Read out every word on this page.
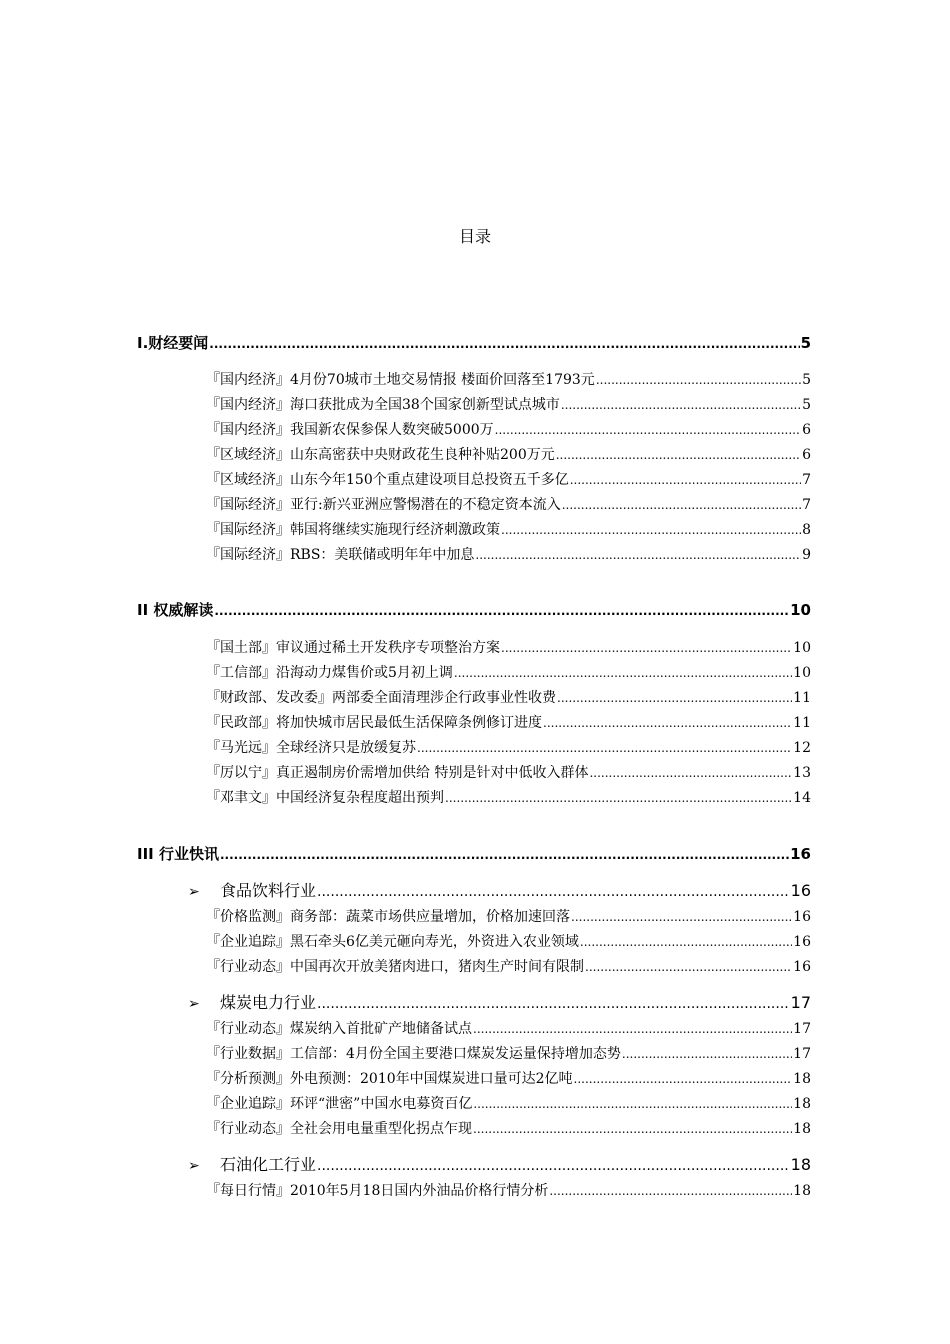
目录
I.财经要闻 .....	5
『国内经济』4月份70城市土地交易情报 楼面价回落至1793元 .....	5
『国内经济』海口获批成为全国38个国家创新型试点城市 .....	5
『国内经济』我国新农保参保人数突破5000万 .....	6
『区域经济』山东高密获中央财政花生良种补贴200万元 .....	6
『区域经济』山东今年150个重点建设项目总投资五千多亿 .....	7
『国际经济』亚行:新兴亚洲应警惕潜在的不稳定资本流入 .....	7
『国际经济』韩国将继续实施现行经济刺激政策 .....	8
『国际经济』RBS：美联储或明年年中加息 .....	9
II 权威解读 .....	10
『国土部』审议通过稀土开发秩序专项整治方案 .....	10
『工信部』沿海动力煤售价或5月初上调 .....	10
『财政部、发改委』两部委全面清理涉企行政事业性收费 .....	11
『民政部』将加快城市居民最低生活保障条例修订进度 .....	11
『马光远』全球经济只是放缓复苏 .....	12
『厉以宁』真正遏制房价需增加供给 特别是针对中低收入群体 .....	13
『邓聿文』中国经济复杂程度超出预判 .....	14
III 行业快讯 .....	16
➢	食品饮料行业 .....	16
『价格监测』商务部：蔬菜市场供应量增加，价格加速回落 .....	16
『企业追踪』黑石牵头6亿美元砸向寿光，外资进入农业领域 .....	16
『行业动态』中国再次开放美猪肉进口，猪肉生产时间有限制 .....	16
➢	煤炭电力行业 .....	17
『行业动态』煤炭纳入首批矿产地储备试点 .....	17
『行业数据』工信部：4月份全国主要港口煤炭发运量保持增加态势 .....	17
『分析预测』外电预测：2010年中国煤炭进口量可达2亿吨 .....	18
『企业追踪』环评“泄密”中国水电募资百亿 .....	18
『行业动态』全社会用电量重型化拐点乍现 .....	18
➢	石油化工行业 .....	18
『每日行情』2010年5月18日国内外油品价格行情分析 .....	18
